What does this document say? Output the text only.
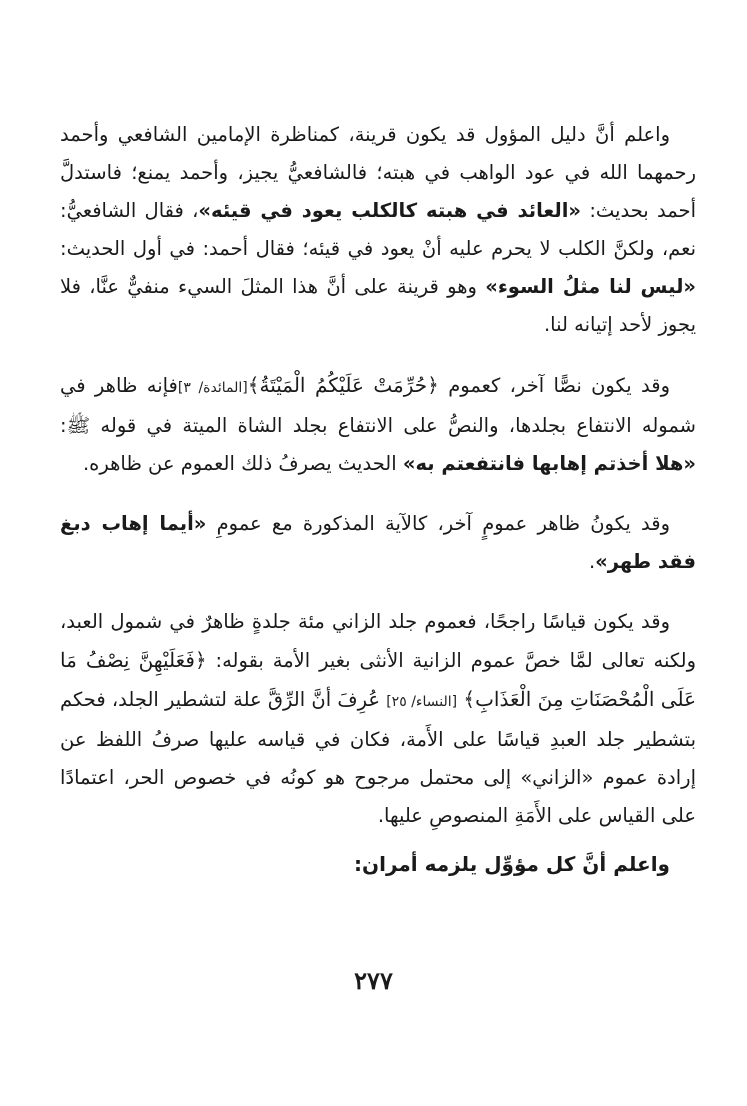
واعلم أنَّ دليل المؤول قد يكون قرينة، كمناظرة الإمامين الشافعي وأحمد رحمهما الله في عود الواهب في هبته؛ فالشافعيُّ يجيز، وأحمد يمنع؛ فاستدلَّ أحمد بحديث: «العائد في هبته كالكلب يعود في قيئه»، فقال الشافعيُّ: نعم، ولكنَّ الكلب لا يحرم عليه أنْ يعود في قيئه؛ فقال أحمد: في أول الحديث: «ليس لنا مثلُ السوء» وهو قرينة على أنَّ هذا المثلَ السيء منفيٌّ عنَّا، فلا يجوز لأحد إتيانه لنا.

وقد يكون نصًّا آخر، كعموم ﴿حُرِّمَتْ عَلَيْكُمُ الْمَيْتَةُ﴾[المائدة/ ٣]فإنه ظاهر في شموله الانتفاع بجلدها، والنصُّ على الانتفاع بجلد الشاة الميتة في قوله ﷺ: «هلا أخذتم إهابها فانتفعتم به» الحديث يصرفُ ذلك العموم عن ظاهره.

وقد يكونُ ظاهر عمومٍ آخر، كالآية المذكورة مع عمومِ «أيما إهاب دبغ فقد طهر».

وقد يكون قياسًا راجحًا، فعموم جلد الزاني مئة جلدةٍ ظاهرٌ في شمول العبد، ولكنه تعالى لمَّا خصَّ عموم الزانية الأنثى بغير الأمة بقوله: ﴿فَعَلَيْهِنَّ نِصْفُ مَا عَلَى الْمُحْصَنَاتِ مِنَ الْعَذَابِ﴾ [النساء/ ٢٥] عُرِفَ أنَّ الرِّقَّ علة لتشطير الجلد، فحكم بتشطير جلد العبدِ قياسًا على الأَمة، فكان في قياسه عليها صرفُ اللفظ عن إرادة عموم «الزاني» إلى محتمل مرجوح هو كونُه في خصوص الحر، اعتمادًا على القياس على الأَمَةِ المنصوصِ عليها.

واعلم أنَّ كل مؤوِّل يلزمه أمران:

٢٧٧
